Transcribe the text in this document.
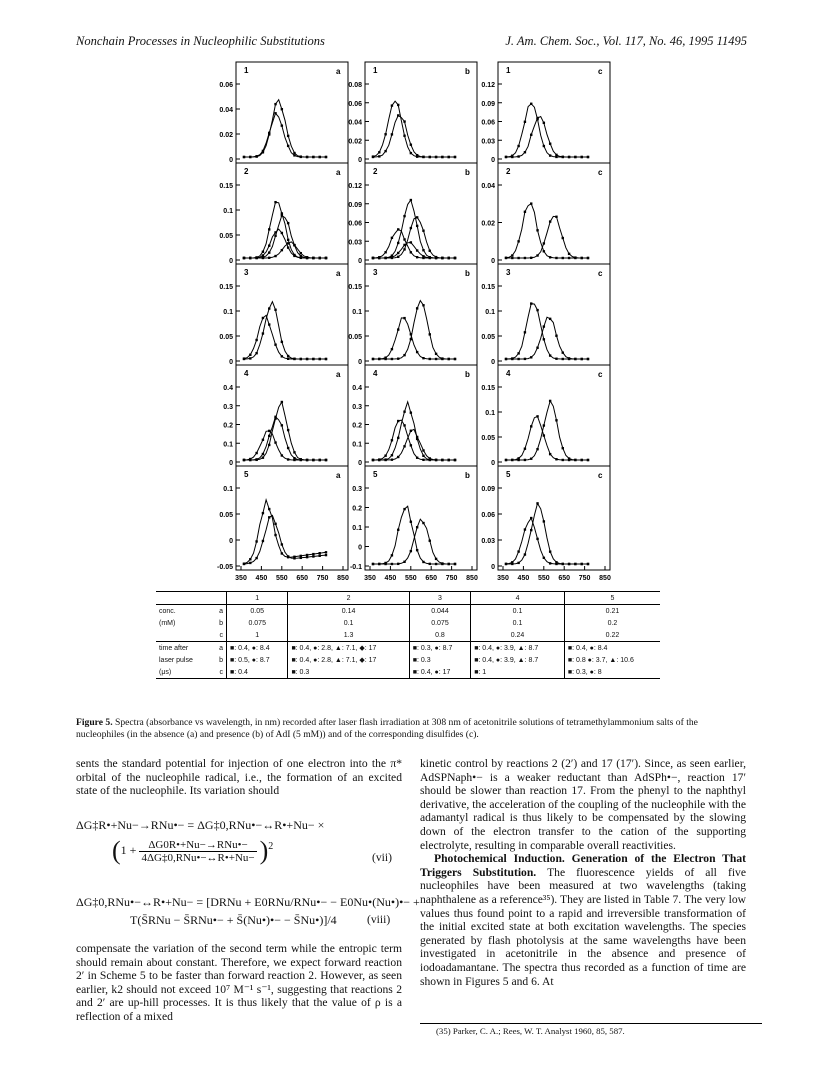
Nonchain Processes in Nucleophilic Substitutions	J. Am. Chem. Soc., Vol. 117, No. 46, 1995 11495
0.06
0.04
0.02
0
1	a
0.08
0.06
0.04
0.02
0
1	b
0.12
0.09
0.06
0.03
0
1	c
0.15
0.1
0.05
0
2	a
0.12
0.09
0.06
0.03
0
2	b
0.04
0.02
0
2	c
0.15
0.1
0.05
0
3	a
0.15
0.1
0.05
0
3	b
0.15
0.1
0.05
0
3	c
0.4
0.3
0.2
0.1
0
4	a
0.4
0.3
0.2
0.1
0
4	b
0.15
0.1
0.05
0
4	c
0.1
0.05
0
-0.05
5	a
350 450 550 650 750 850
0.3
0.2
0.1
0
-0.1
5	b
350 450 550 650 750 850
0.09
0.06
0.03
0
5	c
350 450 550 650 750 850
	1	2	3	4	5
conc. a	0.05	0.14	0.044	0.1	0.21
(mM) b	0.075	0.1	0.075	0.1	0.2

c	1	1.3	0.8	0.24	0.22
time after a	■: 0.4, ●: 8.4	■: 0.4, ●: 2.8, ▲: 7.1, ◆: 17	■: 0.3, ●: 8.7	■: 0.4, ●: 3.9, ▲: 8.7	■: 0.4, ●: 8.4
laser pulse b	■: 0.5, ●: 8.7	■: 0.4, ●: 2.8, ▲: 7.1, ◆: 17	■: 0.3	■: 0.4, ●: 3.9, ▲: 8.7	■: 0.8 ●: 3.7, ▲: 10.6
(μs) c	■: 0.4	■: 0.3	■: 0.4, ●: 17	■: 1	■: 0.3, ●: 8
Figure 5. Spectra (absorbance vs wavelength, in nm) recorded after laser flash irradiation at 308 nm of acetonitrile solutions of tetramethylammonium salts of the nucleophiles (in the absence (a) and presence (b) of AdI (5 mM)) and of the corresponding disulfides (c).

sents the standard potential for injection of one electron into the π* orbital of the nucleophile radical, i.e., the formation of an excited state of the nucleophile. Its variation should

ΔG‡R•+Nu−→RNu•− = ΔG‡0,RNu•−↔R•+Nu− ×
(1 + ΔG0R•+Nu−→RNu•−
4ΔG‡0,RNu•−↔R•+Nu− )$^2$
(vii)
ΔG‡0,RNu•−↔R•+Nu− = [DRNu + E0RNu/RNu•− − E0Nu•(Nu•)•− +
T(S̄RNu − S̄RNu•− + S̄(Nu•)•− − S̄Nu•)]/4	(viii)

compensate the variation of the second term while the entropic term should remain about constant. Therefore, we expect forward reaction 2′ in Scheme 5 to be faster than forward reaction 2. However, as seen earlier, k2 should not exceed 10⁷ M⁻¹ s⁻¹, suggesting that reactions 2 and 2′ are up-hill processes. It is thus likely that the value of ρ is a reflection of a mixed

kinetic control by reactions 2 (2′) and 17 (17′). Since, as seen earlier, AdSPNaph•− is a weaker reductant than AdSPh•−, reaction 17′ should be slower than reaction 17. From the phenyl to the naphthyl derivative, the acceleration of the coupling of the nucleophile with the adamantyl radical is thus likely to be compensated by the slowing down of the electron transfer to the cation of the supporting electrolyte, resulting in comparable overall reactivities.

Photochemical Induction. Generation of the Electron That Triggers Substitution. The fluorescence yields of all five nucleophiles have been measured at two wavelengths (taking naphthalene as a reference³⁵). They are listed in Table 7. The very low values thus found point to a rapid and irreversible transformation of the initial excited state at both excitation wavelengths. The species generated by flash photolysis at the same wavelengths have been investigated in acetonitrile in the absence and presence of iodoadamantane. The spectra thus recorded as a function of time are shown in Figures 5 and 6. At

(35) Parker, C. A.; Rees, W. T. Analyst 1960, 85, 587.
